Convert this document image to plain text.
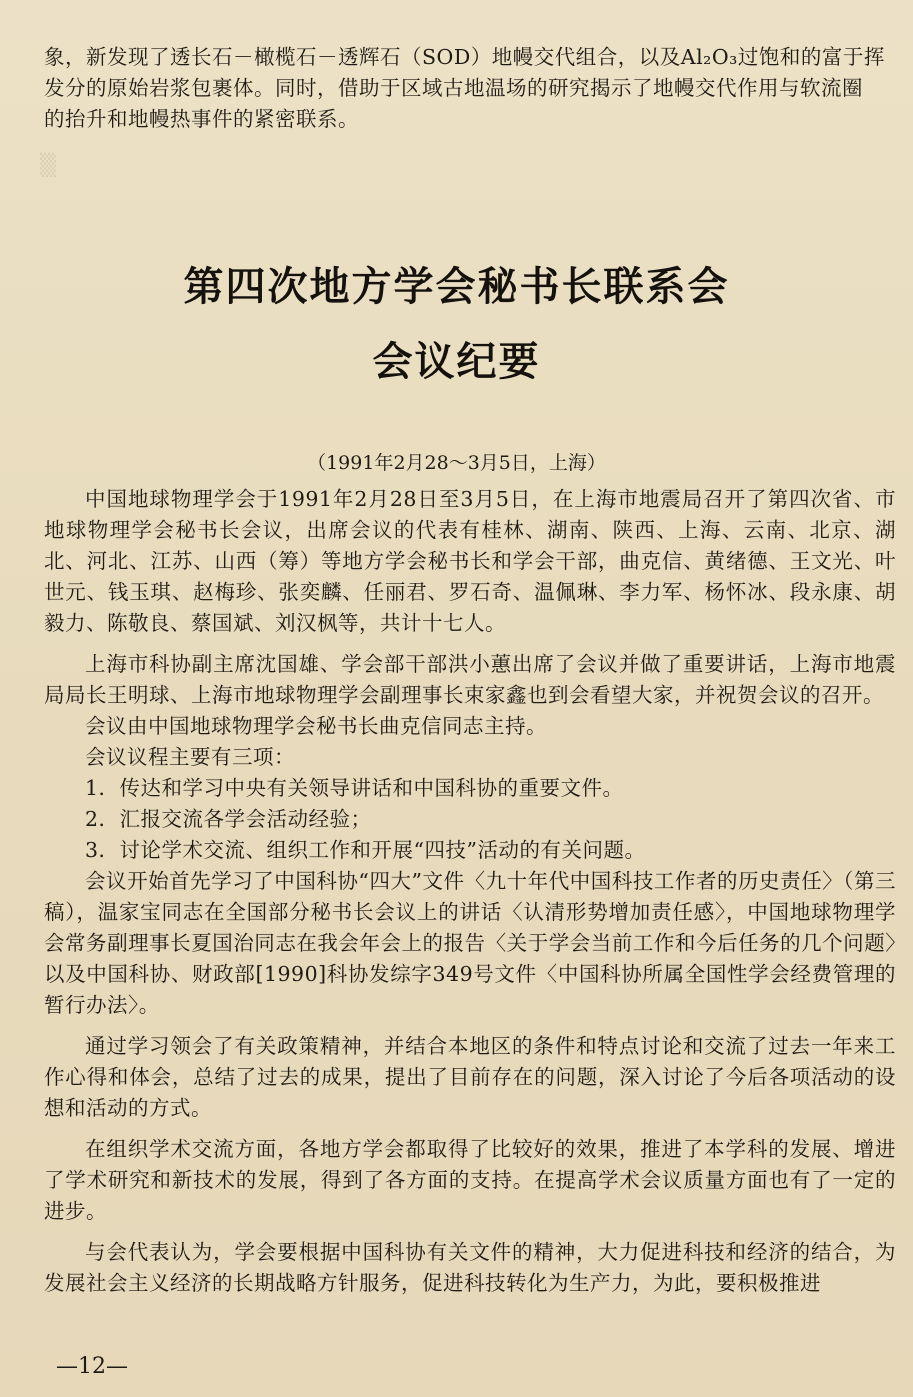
▒　　　　　　　　　　　　　　　　　　　　　　　　　　　

象，新发现了透长石－橄榄石－透辉石（SOD）地幔交代组合，以及Al₂O₃过饱和的富于挥

发分的原始岩浆包裹体。同时，借助于区域古地温场的研究揭示了地幔交代作用与软流圈

的抬升和地幔热事件的紧密联系。

第四次地方学会秘书长联系会
会议纪要
（1991年2月28～3月5日，上海）

中国地球物理学会于1991年2月28日至3月5日，在上海市地震局召开了第四次省、市地球物理学会秘书长会议，出席会议的代表有桂林、湖南、陕西、上海、云南、北京、湖北、河北、江苏、山西（筹）等地方学会秘书长和学会干部，曲克信、黄绪德、王文光、叶世元、钱玉琪、赵梅珍、张奕麟、任丽君、罗石奇、温佩琳、李力军、杨怀冰、段永康、胡毅力、陈敬良、蔡国斌、刘汉枫等，共计十七人。

上海市科协副主席沈国雄、学会部干部洪小蕙出席了会议并做了重要讲话，上海市地震局局长王明球、上海市地球物理学会副理事长束家鑫也到会看望大家，并祝贺会议的召开。

会议由中国地球物理学会秘书长曲克信同志主持。

会议议程主要有三项：

1．传达和学习中央有关领导讲话和中国科协的重要文件。

2．汇报交流各学会活动经验；

3．讨论学术交流、组织工作和开展“四技”活动的有关问题。

会议开始首先学习了中国科协“四大”文件〈九十年代中国科技工作者的历史责任〉（第三稿），温家宝同志在全国部分秘书长会议上的讲话〈认清形势增加责任感〉，中国地球物理学会常务副理事长夏国治同志在我会年会上的报告〈关于学会当前工作和今后任务的几个问题〉以及中国科协、财政部[1990]科协发综字349号文件〈中国科协所属全国性学会经费管理的暂行办法〉。

通过学习领会了有关政策精神，并结合本地区的条件和特点讨论和交流了过去一年来工作心得和体会，总结了过去的成果，提出了目前存在的问题，深入讨论了今后各项活动的设想和活动的方式。

在组织学术交流方面，各地方学会都取得了比较好的效果，推进了本学科的发展、增进了学术研究和新技术的发展，得到了各方面的支持。在提高学术会议质量方面也有了一定的进步。

与会代表认为，学会要根据中国科协有关文件的精神，大力促进科技和经济的结合，为发展社会主义经济的长期战略方针服务，促进科技转化为生产力，为此，要积极推进

—12—
